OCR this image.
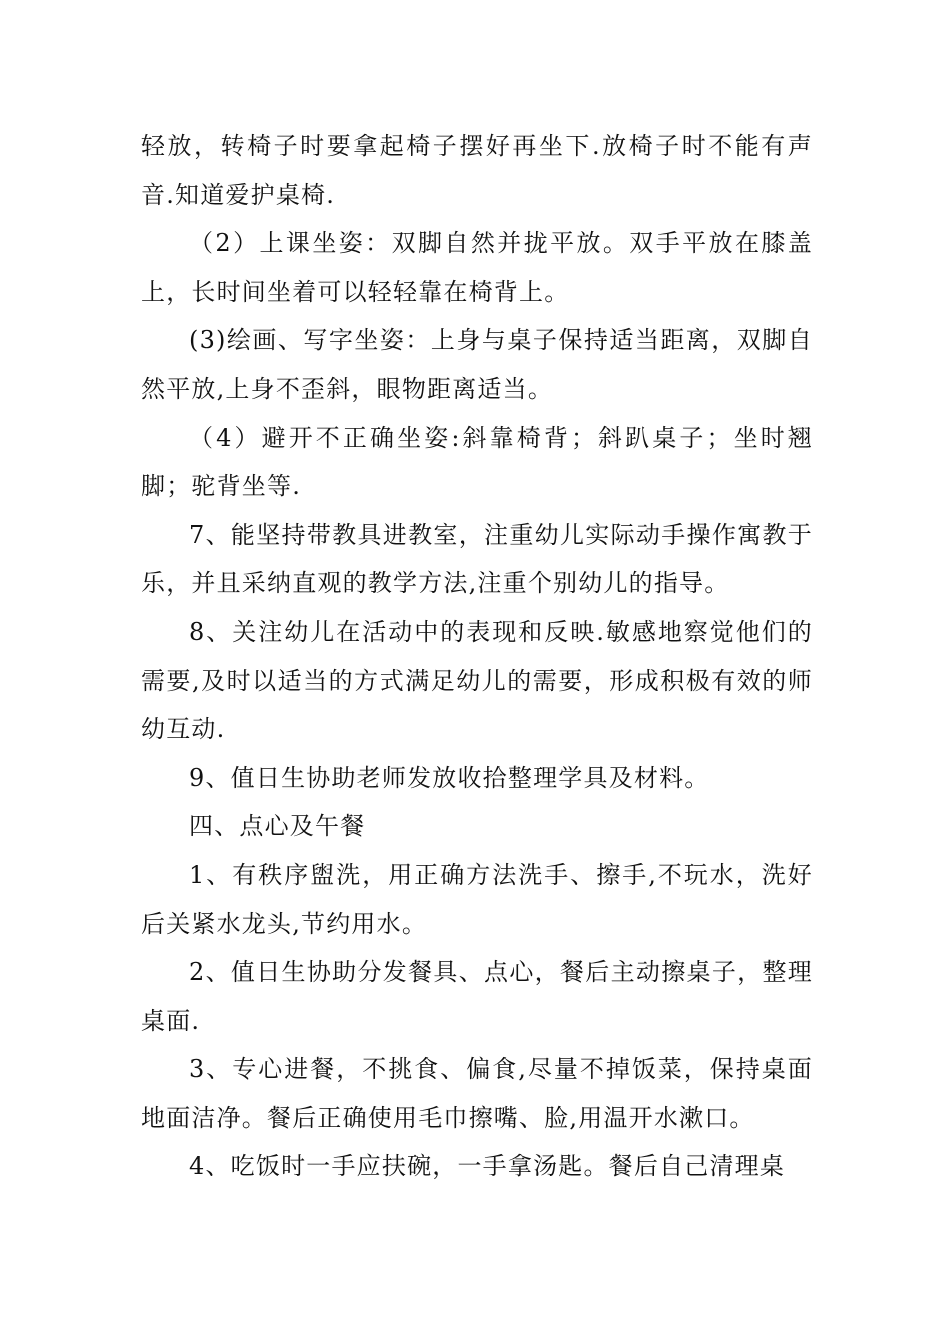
轻放，转椅子时要拿起椅子摆好再坐下.放椅子时不能有声音.知道爱护桌椅.

（2）上课坐姿：双脚自然并拢平放。双手平放在膝盖上，长时间坐着可以轻轻靠在椅背上。

(3)绘画、写字坐姿：上身与桌子保持适当距离，双脚自然平放,上身不歪斜，眼物距离适当。

（4）避开不正确坐姿:斜靠椅背；斜趴桌子；坐时翘脚；驼背坐等.

7、能坚持带教具进教室，注重幼儿实际动手操作寓教于乐，并且采纳直观的教学方法,注重个别幼儿的指导。

8、关注幼儿在活动中的表现和反映.敏感地察觉他们的需要,及时以适当的方式满足幼儿的需要，形成积极有效的师幼互动.

9、值日生协助老师发放收拾整理学具及材料。

四、点心及午餐

1、有秩序盥洗，用正确方法洗手、擦手,不玩水，洗好后关紧水龙头,节约用水。

2、值日生协助分发餐具、点心，餐后主动擦桌子，整理桌面.

3、专心进餐，不挑食、偏食,尽量不掉饭菜，保持桌面地面洁净。餐后正确使用毛巾擦嘴、脸,用温开水漱口。

4、吃饭时一手应扶碗，一手拿汤匙。餐后自己清理桌
